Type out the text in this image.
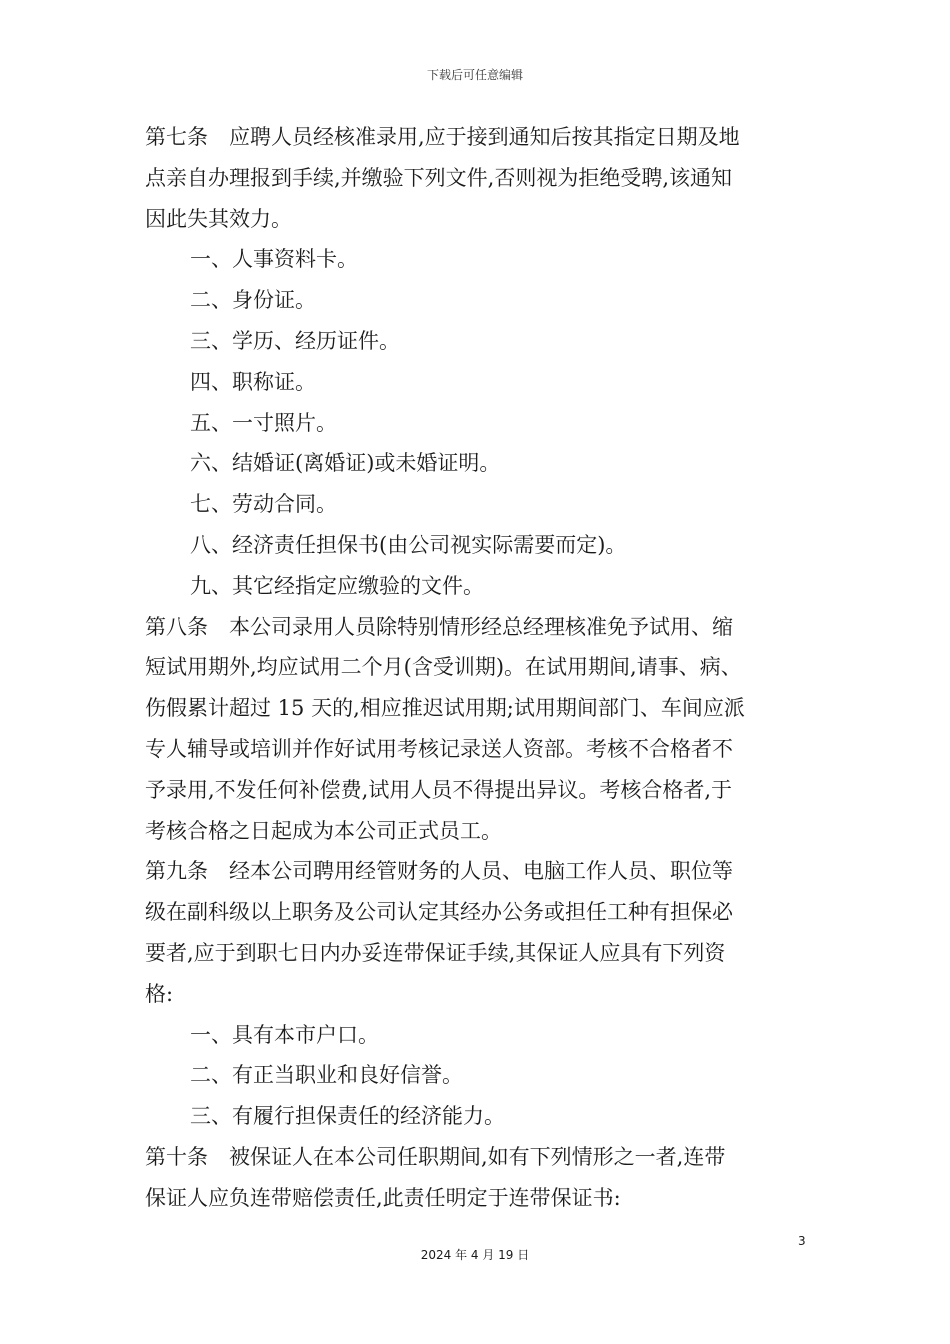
下载后可任意编辑
第七条　应聘人员经核准录用,应于接到通知后按其指定日期及地
点亲自办理报到手续,并缴验下列文件,否则视为拒绝受聘,该通知
因此失其效力。
一、人事资料卡。
二、身份证。
三、学历、经历证件。
四、职称证。
五、一寸照片。
六、结婚证(离婚证)或未婚证明。
七、劳动合同。
八、经济责任担保书(由公司视实际需要而定)。
九、其它经指定应缴验的文件。
第八条　本公司录用人员除特别情形经总经理核准免予试用、缩
短试用期外,均应试用二个月(含受训期)。在试用期间,请事、病、
伤假累计超过 15 天的,相应推迟试用期;试用期间部门、车间应派
专人辅导或培训并作好试用考核记录送人资部。考核不合格者不
予录用,不发任何补偿费,试用人员不得提出异议。考核合格者,于
考核合格之日起成为本公司正式员工。
第九条　经本公司聘用经管财务的人员、电脑工作人员、职位等
级在副科级以上职务及公司认定其经办公务或担任工种有担保必
要者,应于到职七日内办妥连带保证手续,其保证人应具有下列资
格:
一、具有本市户口。
二、有正当职业和良好信誉。
三、有履行担保责任的经济能力。
第十条　被保证人在本公司任职期间,如有下列情形之一者,连带
保证人应负连带赔偿责任,此责任明定于连带保证书:
3
2024 年 4 月 19 日
